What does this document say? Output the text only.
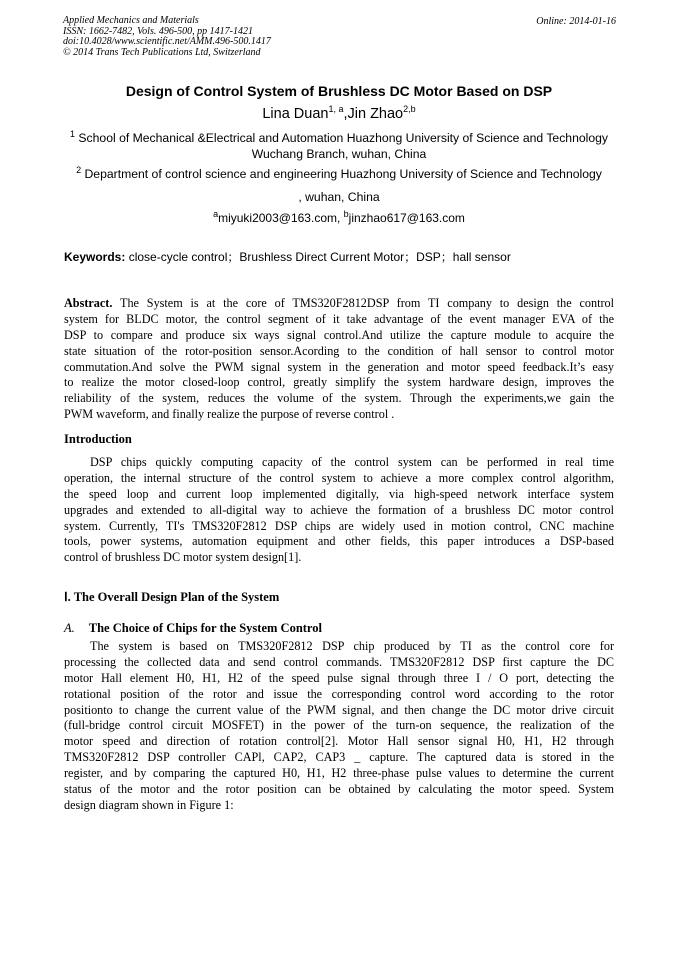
Applied Mechanics and Materials
ISSN: 1662-7482, Vols. 496-500, pp 1417-1421
doi:10.4028/www.scientific.net/AMM.496-500.1417
© 2014 Trans Tech Publications Ltd, Switzerland
Online: 2014-01-16
Design of Control System of Brushless DC Motor Based on DSP
Lina Duan$^{1, a}$,Jin Zhao$^{2,b}$
$^1$ School of Mechanical &Electrical and Automation Huazhong University of Science and Technology
Wuchang Branch, wuhan, China
$^2$ Department of control science and engineering Huazhong University of Science and Technology
, wuhan, China
$^a$miyuki2003@163.com, $^b$jinzhao617@163.com
Keywords: close-cycle control；Brushless Direct Current Motor；DSP；hall sensor
Abstract. The System is at the core of TMS320F2812DSP from TI company to design the control
system for BLDC motor, the control segment of it take advantage of the event manager EVA of the
DSP to compare and produce six ways signal control.And utilize the capture module to acquire the
state situation of the rotor-position sensor.Acording to the condition of hall sensor to control motor
commutation.And solve the PWM signal system in the generation and motor speed feedback.It’s easy
to realize the motor closed-loop control, greatly simplify the system hardware design, improves the
reliability of the system, reduces the volume of the system. Through the experiments,we gain the
PWM waveform, and finally realize the purpose of reverse control .
Introduction
DSP chips quickly computing capacity of the control system can be performed in real time
operation, the internal structure of the control system to achieve a more complex control algorithm,
the speed loop and current loop implemented digitally, via high-speed network interface system
upgrades and extended to all-digital way to achieve the formation of a brushless DC motor control
system. Currently, TI's TMS320F2812 DSP chips are widely used in motion control, CNC machine
tools, power systems, automation equipment and other fields, this paper introduces a DSP-based
control of brushless DC motor system design[1].
Ⅰ. The Overall Design Plan of the System
A. The Choice of Chips for the System Control
The system is based on TMS320F2812 DSP chip produced by TI as the control core for
processing the collected data and send control commands. TMS320F2812 DSP first capture the DC
motor Hall element H0, H1, H2 of the speed pulse signal through three I / O port, detecting the
rotational position of the rotor and issue the corresponding control word according to the rotor
positionto to change the current value of the PWM signal, and then change the DC motor drive circuit
(full-bridge control circuit MOSFET) in the power of the turn-on sequence, the realization of the
motor speed and direction of rotation control[2]. Motor Hall sensor signal H0, H1, H2 through
TMS320F2812 DSP controller CAPl, CAP2, CAP3 _ capture. The captured data is stored in the
register, and by comparing the captured H0, H1, H2 three-phase pulse values to determine the current
status of the motor and the rotor position can be obtained by calculating the motor speed. System
design diagram shown in Figure 1:
